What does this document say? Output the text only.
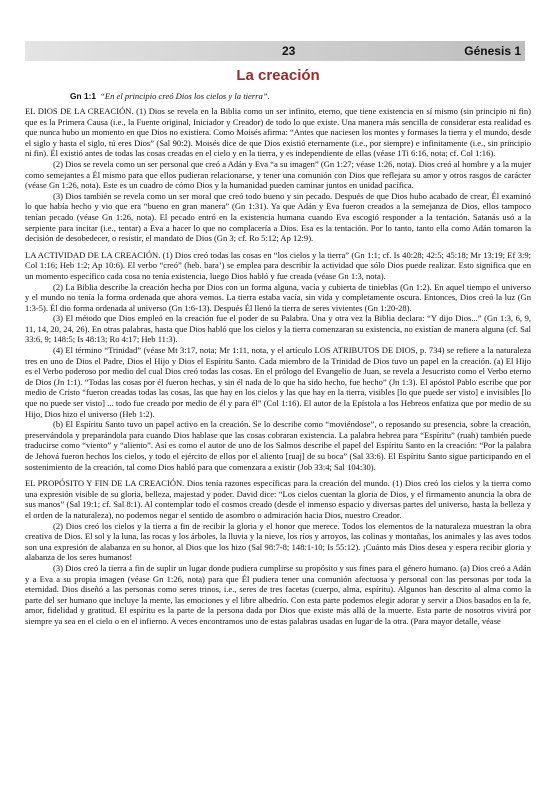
23	Génesis 1
La creación
Gn 1:1 “En el principio creó Dios los cielos y la tierra”.

EL DIOS DE LA CREACIÓN. (1) Dios se revela en la Biblia como un ser infinito, eterno, que tiene existencia en sí mismo (sin principio ni fin) que es la Primera Causa (i.e., la Fuente original, Iniciador y Creador) de todo lo que existe. Una manera más sencilla de considerar esta realidad es que nunca hubo un momento en que Dios no existiera. Como Moisés afirma: “Antes que naciesen los montes y formases la tierra y el mundo, desde el siglo y hasta el siglo, tú eres Dios” (Sal 90:2). Moisés dice de que Dios existió eternamente (i.e., por siempre) e infinitamente (i.e., sin principio ni fin). Él existió antes de todas las cosas creadas en el cielo y en la tierra, y es independiente de ellas (véase 1Ti 6:16, nota; cf. Col 1:16).

(2) Dios se revela como un ser personal que creó a Adán y Eva “a su imagen” (Gn 1:27; véase 1:26, nota). Dios creó al hombre y a la mujer como semejantes a Él mismo para que ellos pudieran relacionarse, y tener una comunión con Dios que reflejara su amor y otros rasgos de carácter (véase Gn 1:26, nota). Este es un cuadro de cómo Dios y la humanidad pueden caminar juntos en unidad pacífica.

(3) Dios también se revela como un ser moral que creó todo bueno y sin pecado. Después de que Dios hubo acabado de crear, Él examinó lo que había hecho y vio que era “bueno en gran manera” (Gn 1:31). Ya que Adán y Eva fueron creados a la semejanza de Dios, ellos tampoco tenían pecado (véase Gn 1:26, nota). El pecado entró en la existencia humana cuando Eva escogió responder a la tentación. Satanás usó a la serpiente para incitar (i.e., tentar) a Eva a hacer lo que no complacería a Dios. Esa es la tentación. Por lo tanto, tanto ella como Adán tomaron la decisión de desobedecer, o resistir, el mandato de Dios (Gn 3; cf. Ro 5:12; Ap 12:9).

LA ACTIVIDAD DE LA CREACIÓN. (1) Dios creó todas las cosas en “los cielos y la tierra” (Gn 1:1; cf. Is 40:28; 42:5; 45:18; Mr 13:19; Ef 3:9; Col 1:16; Heb 1:2; Ap 10:6). El verbo “creó” (heb. bara’) se emplea para describir la actividad que sólo Dios puede realizar. Esto significa que en un momento específico cada cosa no tenía existencia, luego Dios habló y fue creada (véase Gn 1:3, nota).

(2) La Biblia describe la creación hecha por Dios con un forma alguna, vacía y cubierta de tinieblas (Gn 1:2). En aquel tiempo el universo y el mundo no tenía la forma ordenada que ahora vemos. La tierra estaba vacía, sin vida y completamente oscura. Entonces, Dios creó la luz (Gn 1:3-5). Él dio forma ordenada al universo (Gn 1:6-13). Después Él llenó la tierra de seres vivientes (Gn 1:20-28).

(3) El método que Dios empleó en la creación fue el poder de su Palabra. Una y otra vez la Biblia declara: “Y dijo Dios...” (Gn 1:3, 6, 9, 11, 14, 20, 24, 26). En otras palabras, hasta que Dios habló que los cielos y la tierra comenzaran su existencia, no existían de manera alguna (cf. Sal 33:6, 9; 148:5; Is 48:13; Ro 4:17; Heb 11:3).

(4) El término “Trinidad” (véase Mt 3:17, nota; Mr 1:11, nota, y el artículo LOS ATRIBUTOS DE DIOS, p. 734) se refiere a la naturaleza tres en uno de Dios el Padre, Dios el Hijo y Dios el Espíritu Santo. Cada miembro de la Trinidad de Dios tuvo un papel en la creación. (a) El Hijo es el Verbo poderoso por medio del cual Dios creó todas las cosas. En el prólogo del Evangelio de Juan, se revela a Jesucristo como el Verbo eterno de Dios (Jn 1:1). “Todas las cosas por él fueron hechas, y sin él nada de lo que ha sido hecho, fue hecho” (Jn 1:3). El apóstol Pablo escribe que por medio de Cristo “fueron creadas todas las cosas, las que hay en los cielos y las que hay en la tierra, visibles [lo que puede ser visto] e invisibles [lo que no puede ser visto] ... todo fue creado por medio de él y para él” (Col 1:16). El autor de la Epístola a los Hebreos enfatiza que por medio de su Hijo, Dios hizo el universo (Heb 1:2).

(b) El Espíritu Santo tuvo un papel activo en la creación. Se lo describe como “moviéndose”, o reposando su presencia, sobre la creación, preservándola y preparándola para cuando Dios hablase que las cosas cobraran existencia. La palabra hebrea para “Espíritu” (ruah) también puede traducirse como “viento” y “aliento”. Así es como el autor de uno de los Salmos describe el papel del Espíritu Santo en la creación: “Por la palabra de Jehová fueron hechos los cielos, y todo el ejército de ellos por el aliento [ruaj] de su boca” (Sal 33:6). El Espíritu Santo sigue participando en el sostenimiento de la creación, tal como Dios habló para que comenzara a existir (Job 33:4; Sal 104:30).

EL PROPÓSITO Y FIN DE LA CREACIÓN. Dios tenía razones específicas para la creación del mundo. (1) Dios creó los cielos y la tierra como una expresión visible de su gloria, belleza, majestad y poder. David dice: “Los cielos cuentan la gloria de Dios, y el firmamento anuncia la obra de sus manos” (Sal 19:1; cf. Sal 8:1). Al contemplar todo el cosmos creado (desde el inmenso espacio y diversas partes del universo, hasta la belleza y el orden de la naturaleza), no podemos negar el sentido de asombro o admiración hacia Dios, nuestro Creador.

(2) Dios creó los cielos y la tierra a fin de recibir la gloria y el honor que merece. Todos los elementos de la naturaleza muestran la obra creativa de Dios. El sol y la luna, las rocas y los árboles, la lluvia y la nieve, los ríos y arroyos, las colinas y montañas, los animales y las aves todos son una expresión de alabanza en su honor, al Dios que los hizo (Sal 98:7-8; 148:1-10; Is 55:12). ¡Cuánto más Dios desea y espera recibir gloria y alabanza de los seres humanos!

(3) Dios creó la tierra a fin de suplir un lugar donde pudiera cumplirse su propósito y sus fines para el género humano. (a) Dios creó a Adán y a Eva a su propia imagen (véase Gn 1:26, nota) para que Él pudiera tener una comunión afectuosa y personal con las personas por toda la eternidad. Dios diseñó a las personas como seres trinos, i.e., seres de tres facetas (cuerpo, alma, espíritu). Algunos han descrito al alma como la parte del ser humano que incluye la mente, las emociones y el libre albedrío. Con esta parte podemos elegir adorar y servir a Dios basados en la fe, amor, fidelidad y gratitud. El espíritu es la parte de la persona dada por Dios que existe más allá de la muerte. Esta parte de nosotros vivirá por siempre ya sea en el cielo o en el infierno. A veces encontramos uno de estas palabras usadas en lugar de la otra. (Para mayor detalle, véase
